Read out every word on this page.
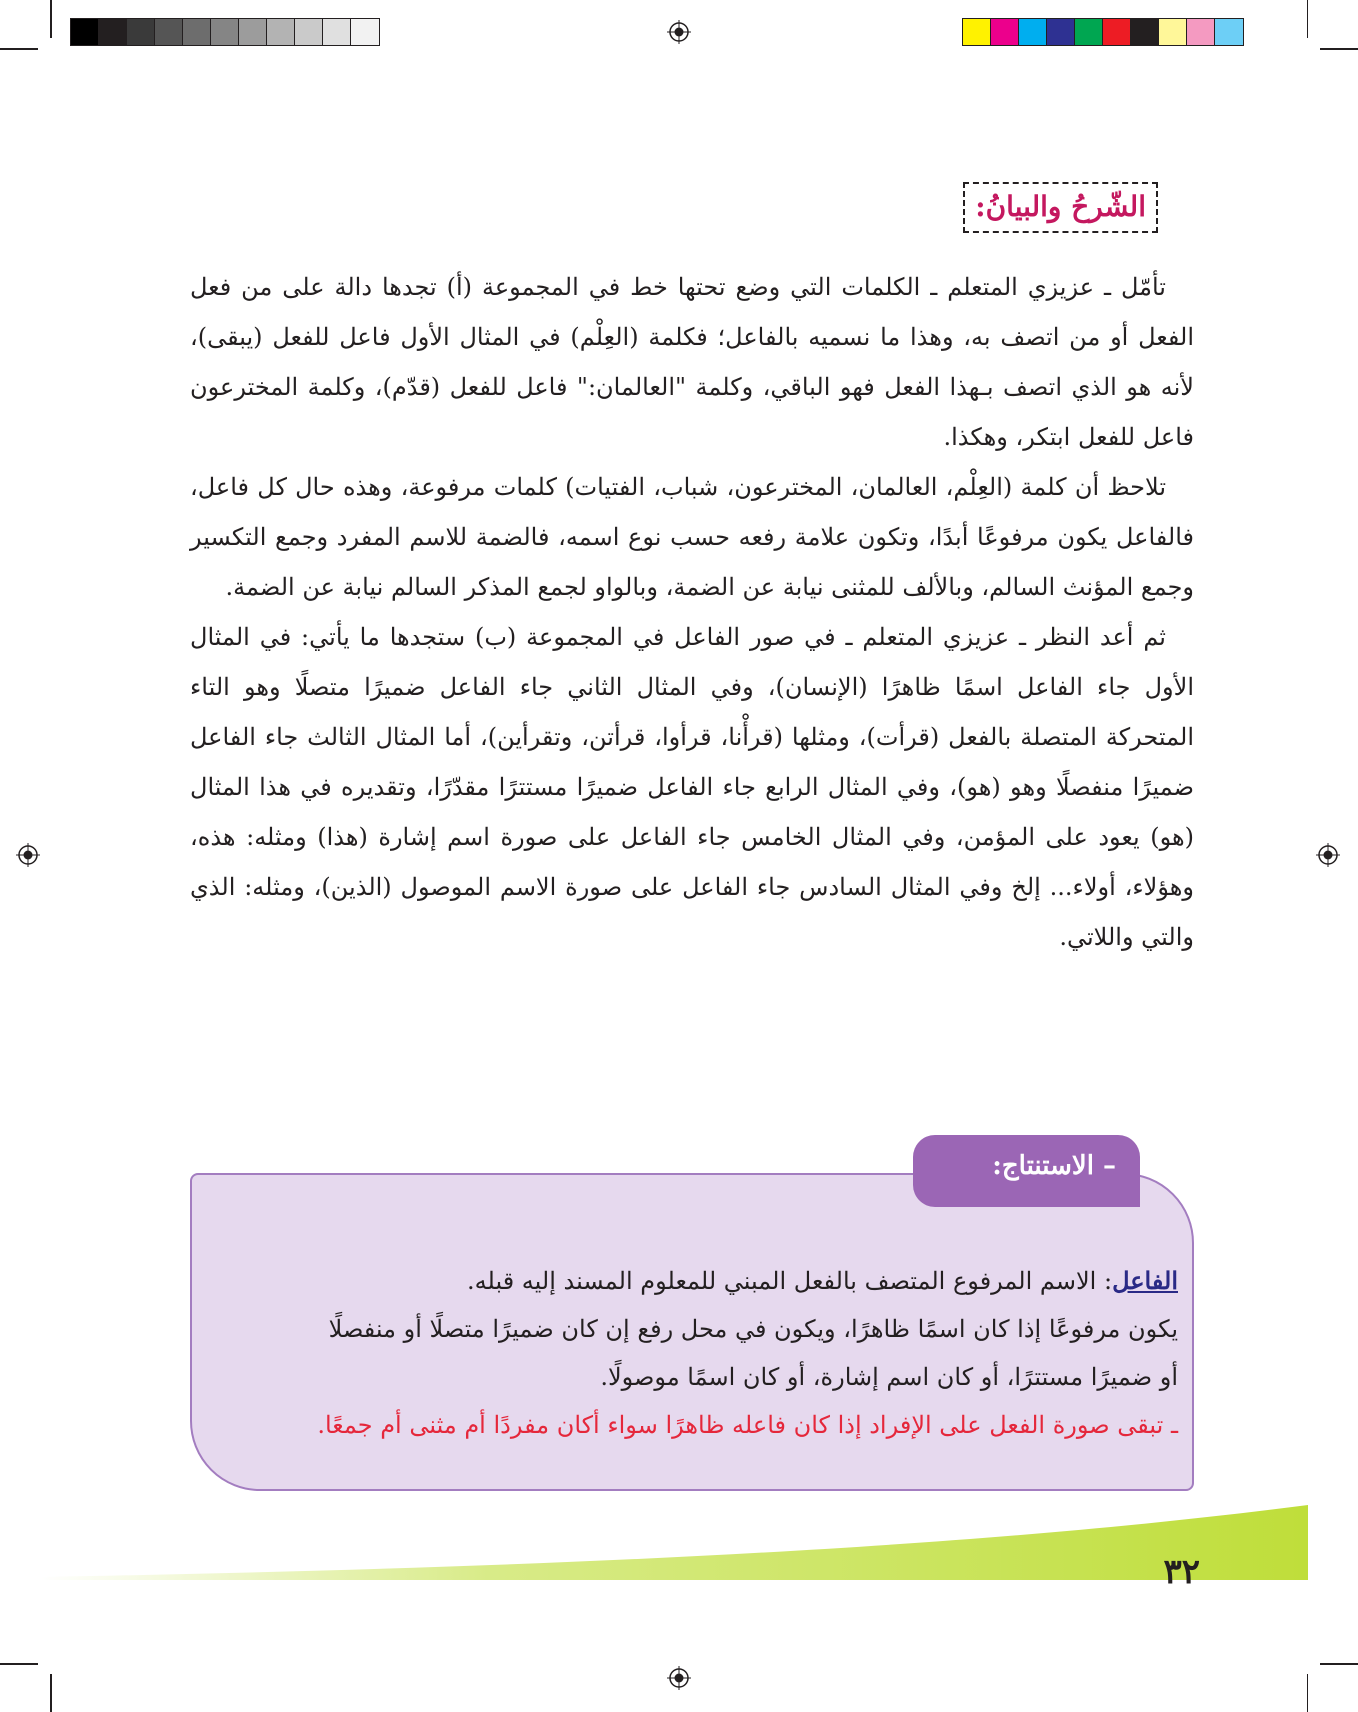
الشّرحُ والبيانُ:

تأمّل ـ عزيزي المتعلم ـ الكلمات التي وضع تحتها خط في المجموعة (أ) تجدها دالة على من فعل الفعل أو من اتصف به، وهذا ما نسميه بالفاعل؛ فكلمة (العِلْم) في المثال الأول فاعل للفعل (يبقى)، لأنه هو الذي اتصف بـهذا الفعل فهو الباقي، وكلمة "العالمان:" فاعل للفعل (قدّم)، وكلمة المخترعون فاعل للفعل ابتكر، وهكذا.

تلاحظ أن كلمة (العِلْم، العالمان، المخترعون، شباب، الفتيات) كلمات مرفوعة، وهذه حال كل فاعل، فالفاعل يكون مرفوعًا أبدًا، وتكون علامة رفعه حسب نوع اسمه، فالضمة للاسم المفرد وجمع التكسير وجمع المؤنث السالم، وبالألف للمثنى نيابة عن الضمة، وبالواو لجمع المذكر السالم نيابة عن الضمة.

ثم أعد النظر ـ عزيزي المتعلم ـ في صور الفاعل في المجموعة (ب) ستجدها ما يأتي: في المثال الأول جاء الفاعل اسمًا ظاهرًا (الإنسان)، وفي المثال الثاني جاء الفاعل ضميرًا متصلًا وهو التاء المتحركة المتصلة بالفعل (قرأت)، ومثلها (قرأْنا، قرأوا، قرأتن، وتقرأين)، أما المثال الثالث جاء الفاعل ضميرًا منفصلًا وهو (هو)، وفي المثال الرابع جاء الفاعل ضميرًا مستترًا مقدّرًا، وتقديره في هذا المثال (هو) يعود على المؤمن، وفي المثال الخامس جاء الفاعل على صورة اسم إشارة (هذا) ومثله: هذه، وهؤلاء، أولاء... إلخ وفي المثال السادس جاء الفاعل على صورة الاسم الموصول (الذين)، ومثله: الذي والتي واللاتي.

– الاستنتاج:
الفاعل: الاسم المرفوع المتصف بالفعل المبني للمعلوم المسند إليه قبله.
يكون مرفوعًا إذا كان اسمًا ظاهرًا، ويكون في محل رفع إن كان ضميرًا متصلًا أو منفصلًا
أو ضميرًا مستترًا، أو كان اسم إشارة، أو كان اسمًا موصولًا.
ـ تبقى صورة الفعل على الإفراد إذا كان فاعله ظاهرًا سواء أكان مفردًا أم مثنى أم جمعًا.
٣٢
